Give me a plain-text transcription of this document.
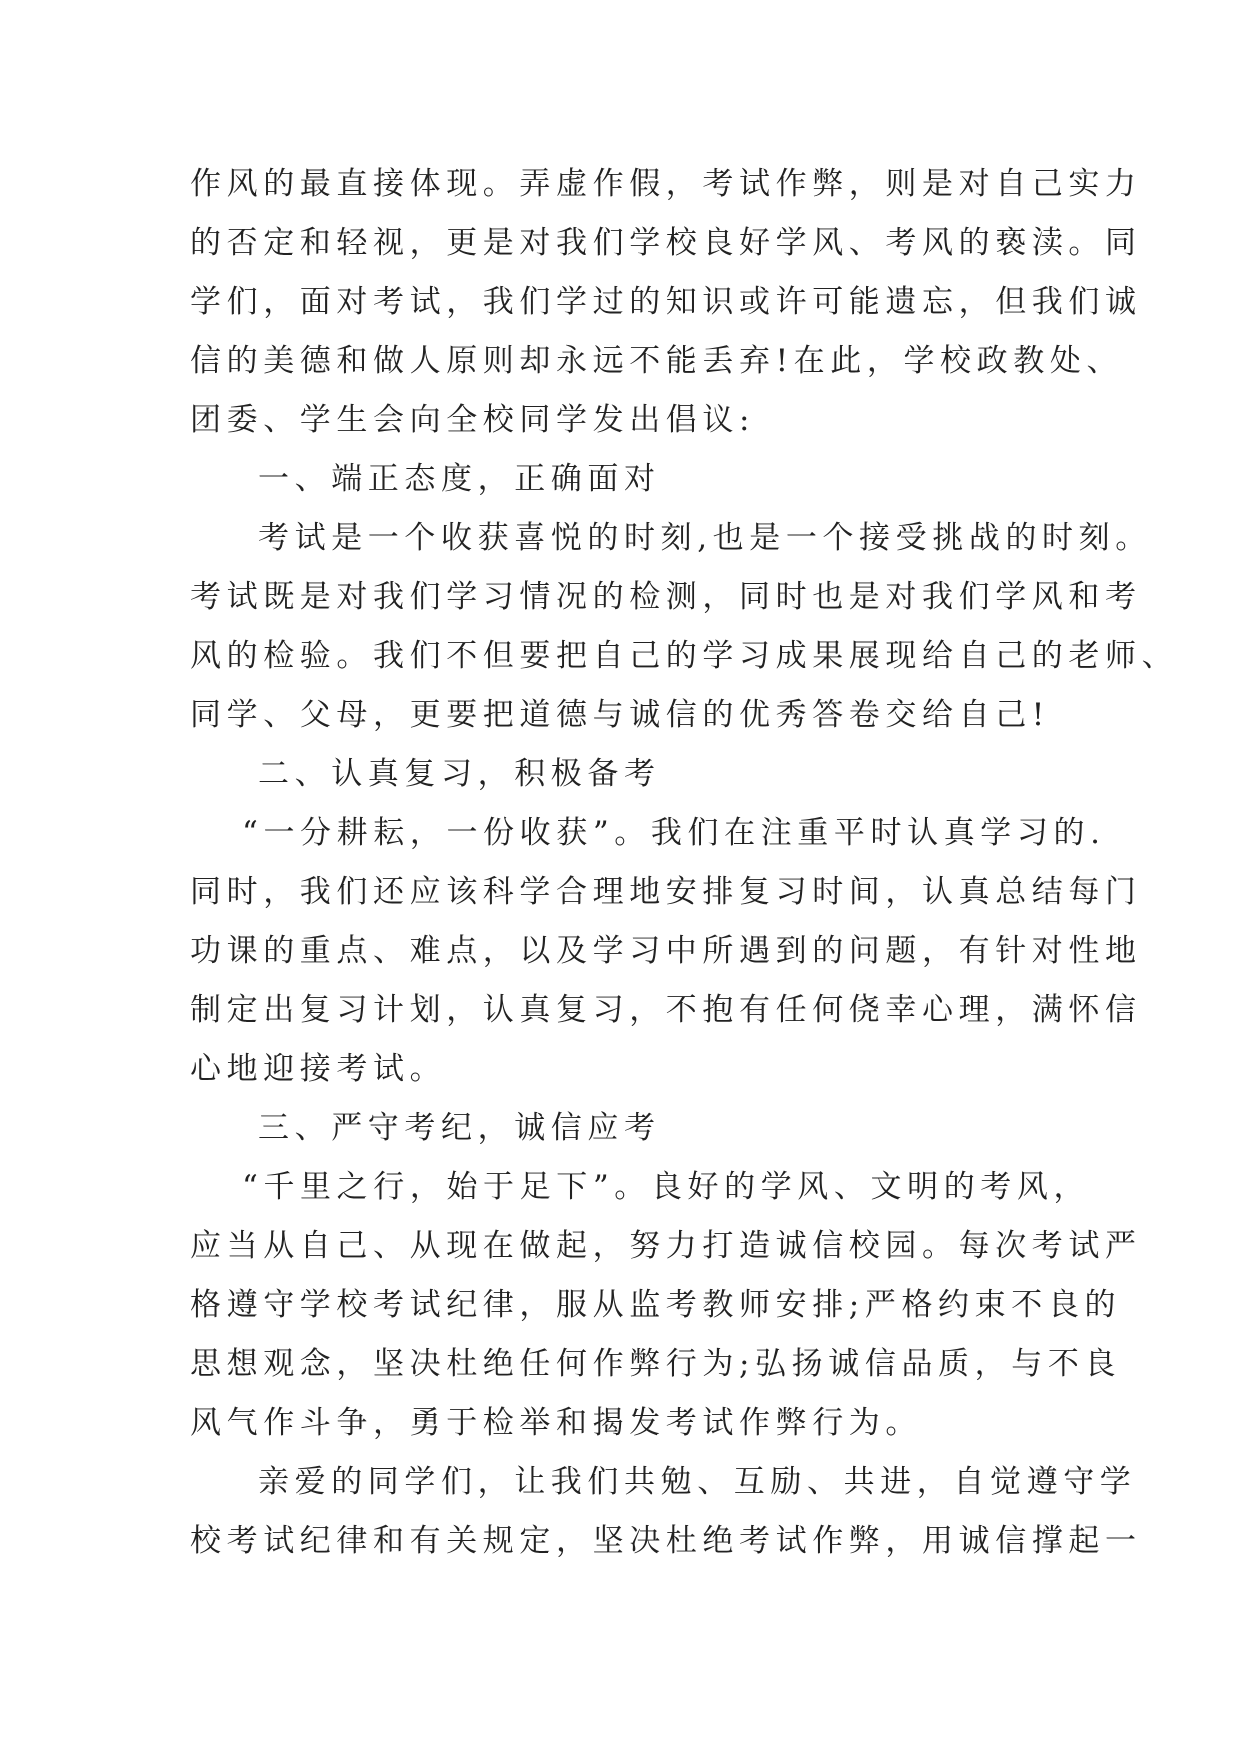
作风的最直接体现。弄虚作假，考试作弊，则是对自己实力
的否定和轻视，更是对我们学校良好学风、考风的亵渎。同
学们，面对考试，我们学过的知识或许可能遗忘，但我们诚
信的美德和做人原则却永远不能丢弃!在此，学校政教处、
团委、学生会向全校同学发出倡议:
一、端正态度，正确面对
考试是一个收获喜悦的时刻,也是一个接受挑战的时刻。
考试既是对我们学习情况的检测，同时也是对我们学风和考
风的检验。我们不但要把自己的学习成果展现给自己的老师、
同学、父母，更要把道德与诚信的优秀答卷交给自己!
二、认真复习，积极备考
“一分耕耘，一份收获”。我们在注重平时认真学习的.
同时，我们还应该科学合理地安排复习时间，认真总结每门
功课的重点、难点，以及学习中所遇到的问题，有针对性地
制定出复习计划，认真复习，不抱有任何侥幸心理，满怀信
心地迎接考试。
三、严守考纪，诚信应考
“千里之行，始于足下”。良好的学风、文明的考风，
应当从自己、从现在做起，努力打造诚信校园。每次考试严
格遵守学校考试纪律，服从监考教师安排;严格约束不良的
思想观念，坚决杜绝任何作弊行为;弘扬诚信品质，与不良
风气作斗争，勇于检举和揭发考试作弊行为。
亲爱的同学们，让我们共勉、互励、共进，自觉遵守学
校考试纪律和有关规定，坚决杜绝考试作弊，用诚信撑起一
